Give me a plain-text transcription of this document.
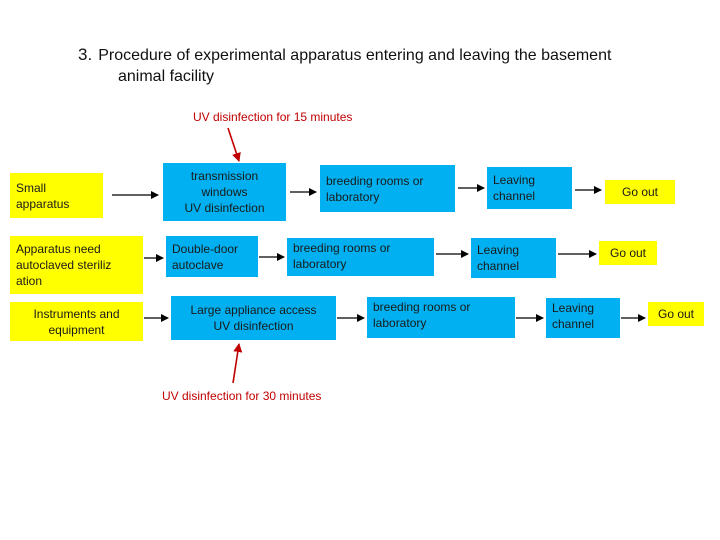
3. Procedure of experimental apparatus entering and leaving the basement
animal facility
UV disinfection for 15 minutes
UV disinfection for 30 minutes
Small
apparatus
transmission
windows
UV disinfection
breeding rooms or
laboratory
Leaving
channel	Go out
Apparatus need
autoclaved steriliz
ation
Double-door
autoclave
breeding rooms or
laboratory
Leaving
channel
Go out
Instruments and
equipment
Large appliance access
UV disinfection
breeding rooms or
laboratory
Leaving
channel
Go out
